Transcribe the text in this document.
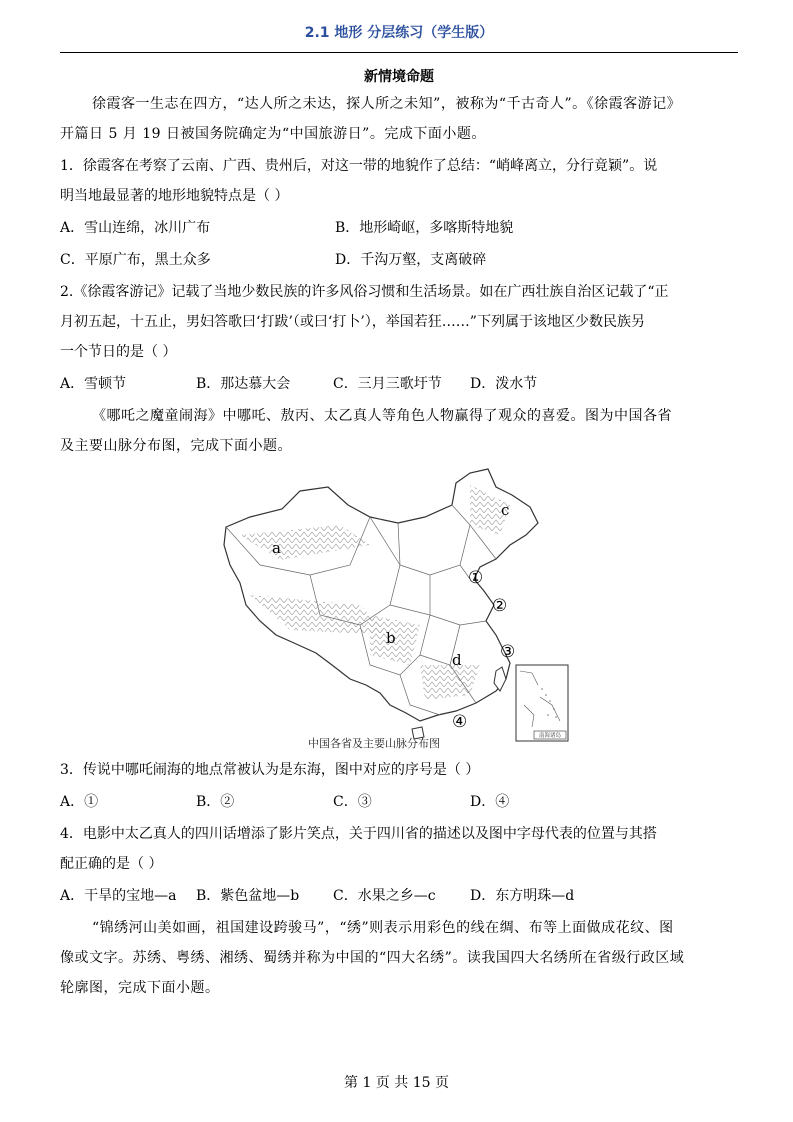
2.1 地形 分层练习（学生版）
新情境命题
徐霞客一生志在四方，“达人所之未达，探人所之未知”，被称为“千古奇人”。《徐霞客游记》
开篇日 5 月 19 日被国务院确定为“中国旅游日”。完成下面小题。
1．徐霞客在考察了云南、广西、贵州后，对这一带的地貌作了总结：“峭峰离立，分行竟颖”。说
明当地最显著的地形地貌特点是（ ）
A．雪山连绵，冰川广布	B．地形崎岖，多喀斯特地貌
C．平原广布，黑土众多	D．千沟万壑，支离破碎
2.《徐霞客游记》记载了当地少数民族的许多风俗习惯和生活场景。如在广西壮族自治区记载了“正
月初五起，十五止，男妇答歌曰‘打跋’（或曰‘打卜’），举国若狂……”下列属于该地区少数民族另
一个节日的是（ ）
A．雪顿节	B．那达慕大会	C．三月三歌圩节 D．泼水节
《哪吒之魔童闹海》中哪吒、敖丙、太乙真人等角色人物赢得了观众的喜爱。图为中国各省
及主要山脉分布图，完成下面小题。
南海诸岛
a
b
c
d
①
②
③
④
中国各省及主要山脉分布图
3．传说中哪吒闹海的地点常被认为是东海，图中对应的序号是（ ）
A．①	B．②	C．③	D．④
4．电影中太乙真人的四川话增添了影片笑点，关于四川省的描述以及图中字母代表的位置与其搭
配正确的是（ ）
A．干旱的宝地—a B．紫色盆地—b C．水果之乡—c D．东方明珠—d
“锦绣河山美如画，祖国建设跨骏马”，“绣”则表示用彩色的线在绸、布等上面做成花纹、图
像或文字。苏绣、粤绣、湘绣、蜀绣并称为中国的“四大名绣”。读我国四大名绣所在省级行政区域
轮廓图，完成下面小题。
第 1 页 共 15 页
